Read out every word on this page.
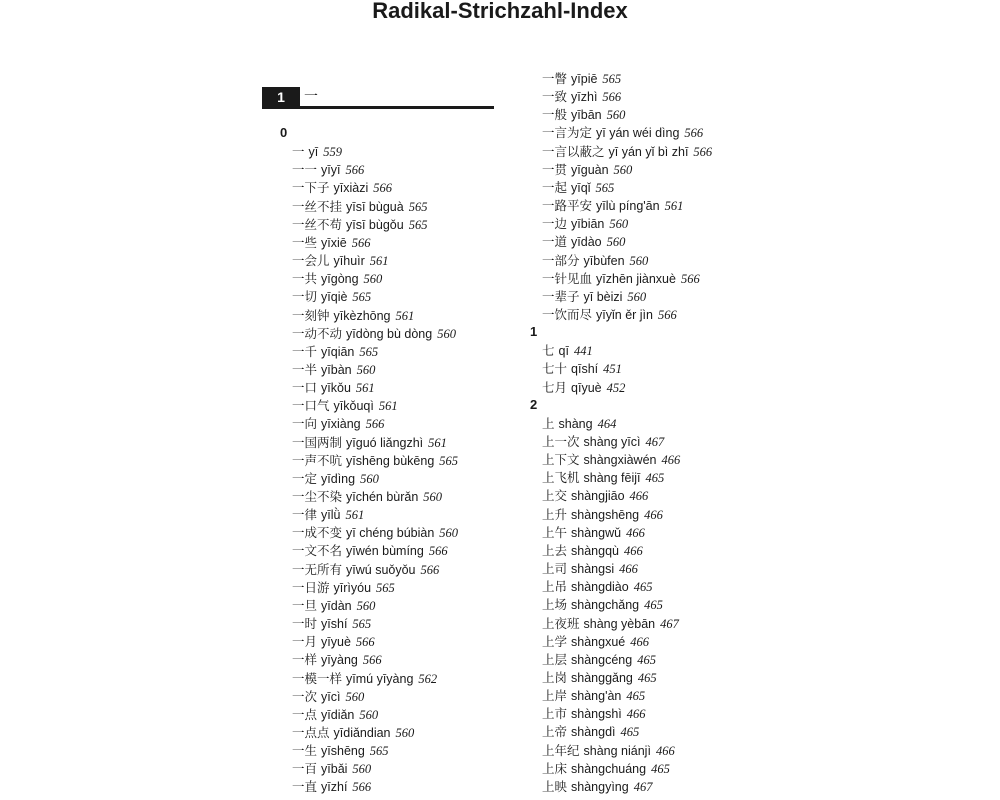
Radikal-Strichzahl-Index
1	一
0
一 yī 559
一一 yīyī 566
一下子 yīxiàzi 566
一丝不挂 yīsī bùguà 565
一丝不苟 yīsī bùgǒu 565
一些 yīxiē 566
一会儿 yīhuìr 561
一共 yīgòng 560
一切 yīqiè 565
一刻钟 yīkèzhōng 561
一动不动 yīdòng bù dòng 560
一千 yīqiān 565
一半 yībàn 560
一口 yīkǒu 561
一口气 yīkǒuqì 561
一向 yīxiàng 566
一国两制 yīguó liǎngzhì 561
一声不吭 yīshēng bùkēng 565
一定 yīdìng 560
一尘不染 yīchén bùrǎn 560
一律 yīlǜ 561
一成不变 yī chéng búbiàn 560
一文不名 yīwén bùmíng 566
一无所有 yīwú suǒyǒu 566
一日游 yīrìyóu 565
一旦 yīdàn 560
一时 yīshí 565
一月 yīyuè 566
一样 yīyàng 566
一模一样 yīmú yīyàng 562
一次 yīcì 560
一点 yīdiǎn 560
一点点 yīdiǎndian 560
一生 yīshēng 565
一百 yībǎi 560
一直 yīzhí 566
一瞥 yīpiē 565
一致 yīzhì 566
一般 yībān 560
一言为定 yī yán wéi dìng 566
一言以蔽之 yī yán yǐ bì zhī 566
一贯 yīguàn 560
一起 yīqǐ 565
一路平安 yīlù píng'ān 561
一边 yībiān 560
一道 yīdào 560
一部分 yībùfen 560
一针见血 yīzhēn jiànxuè 566
一辈子 yī bèizi 560
一饮而尽 yīyǐn ěr jìn 566
1
七 qī 441
七十 qīshí 451
七月 qīyuè 452
2
上 shàng 464
上一次 shàng yīcì 467
上下文 shàngxiàwén 466
上飞机 shàng fēijī 465
上交 shàngjiāo 466
上升 shàngshēng 466
上午 shàngwǔ 466
上去 shàngqù 466
上司 shàngsi 466
上吊 shàngdiào 465
上场 shàngchǎng 465
上夜班 shàng yèbān 467
上学 shàngxué 466
上层 shàngcéng 465
上岗 shànggǎng 465
上岸 shàng'àn 465
上市 shàngshì 466
上帝 shàngdì 465
上年纪 shàng niánjì 466
上床 shàngchuáng 465
上映 shàngyìng 467
